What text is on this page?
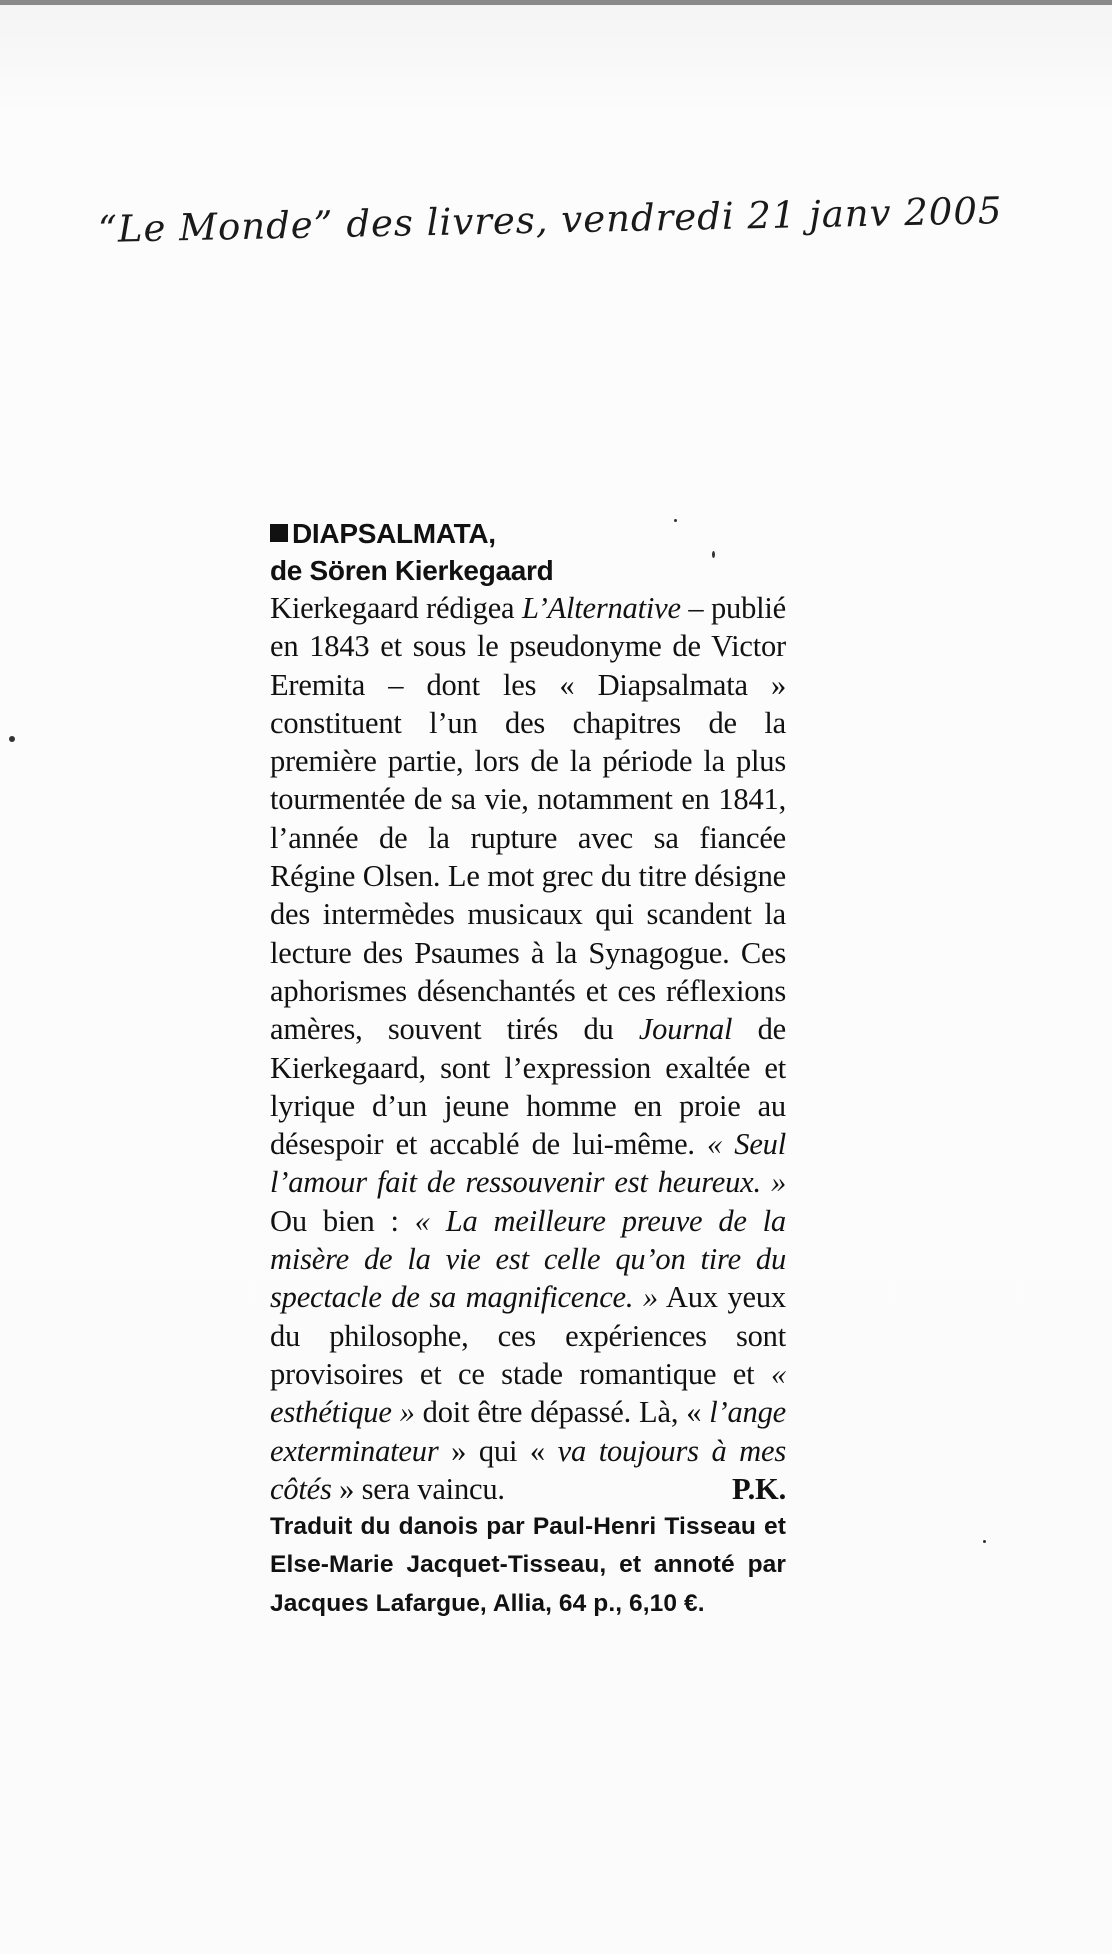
“Le Monde” des livres, vendredi 21 janv 2005
DIAPSALMATA,
de Sören Kierkegaard
Kierkegaard rédigea L’Alternative – publié en 1843 et sous le pseudonyme de Victor Eremita – dont les « Diapsalmata » constituent l’un des chapitres de la première partie, lors de la période la plus tourmentée de sa vie, notamment en 1841, l’année de la rupture avec sa fiancée Régine Olsen. Le mot grec du titre désigne des intermèdes musicaux qui scandent la lecture des Psaumes à la Synagogue. Ces aphorismes désenchantés et ces réflexions amères, souvent tirés du Journal de Kierkegaard, sont l’expression exaltée et lyrique d’un jeune homme en proie au désespoir et accablé de lui-même. « Seul l’amour fait de ressouvenir est heureux. » Ou bien : « La meilleure preuve de la misère de la vie est celle qu’on tire du spectacle de sa magnificence. » Aux yeux du philosophe, ces expériences sont provisoires et ce stade romantique et « esthétique » doit être dépassé. Là, « l’ange exterminateur » qui « va toujours à mes côtés » sera vaincu.	P.K.
Traduit du danois par Paul-Henri Tisseau et Else-Marie Jacquet-Tisseau, et annoté par Jacques Lafargue, Allia, 64 p., 6,10 €.
